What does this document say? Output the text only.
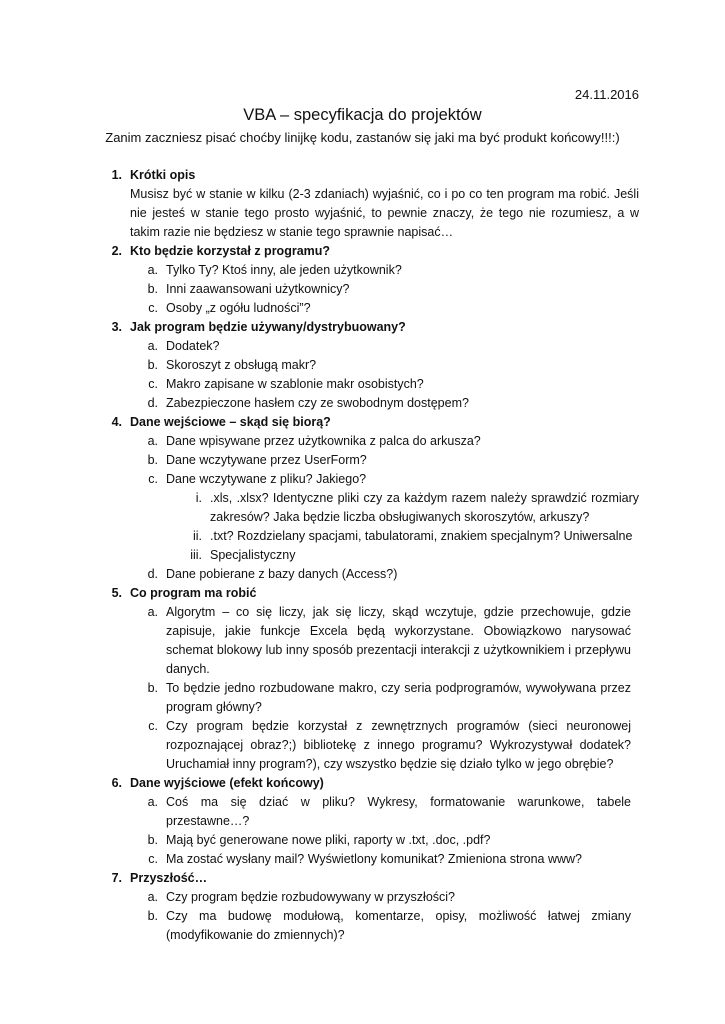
24.11.2016
VBA – specyfikacja do projektów
Zanim zaczniesz pisać choćby linijkę kodu, zastanów się jaki ma być produkt końcowy!!!:)
1. Krótki opis
Musisz być w stanie w kilku (2-3 zdaniach) wyjaśnić, co i po co ten program ma robić. Jeśli nie jesteś w stanie tego prosto wyjaśnić, to pewnie znaczy, że tego nie rozumiesz, a w takim razie nie będziesz w stanie tego sprawnie napisać…
2. Kto będzie korzystał z programu?
a. Tylko Ty? Ktoś inny, ale jeden użytkownik?
b. Inni zaawansowani użytkownicy?
c. Osoby „z ogółu ludności”?
3. Jak program będzie używany/dystrybuowany?
a. Dodatek?
b. Skoroszyt z obsługą makr?
c. Makro zapisane w szablonie makr osobistych?
d. Zabezpieczone hasłem czy ze swobodnym dostępem?
4. Dane wejściowe – skąd się biorą?
a. Dane wpisywane przez użytkownika z palca do arkusza?
b. Dane wczytywane przez UserForm?
c. Dane wczytywane z pliku? Jakiego?
i. .xls, .xlsx? Identyczne pliki czy za każdym razem należy sprawdzić rozmiary zakresów? Jaka będzie liczba obsługiwanych skoroszytów, arkuszy?
ii. .txt? Rozdzielany spacjami, tabulatorami, znakiem specjalnym? Uniwersalne
iii. Specjalistyczny
d. Dane pobierane z bazy danych (Access?)
5. Co program ma robić
a. Algorytm – co się liczy, jak się liczy, skąd wczytuje, gdzie przechowuje, gdzie zapisuje, jakie funkcje Excela będą wykorzystane. Obowiązkowo narysować schemat blokowy lub inny sposób prezentacji interakcji z użytkownikiem i przepływu danych.
b. To będzie jedno rozbudowane makro, czy seria podprogramów, wywoływana przez program główny?
c. Czy program będzie korzystał z zewnętrznych programów (sieci neuronowej rozpoznającej obraz?;) bibliotekę z innego programu? Wykrozystywał dodatek? Uruchamiał inny program?), czy wszystko będzie się działo tylko w jego obrębie?
6. Dane wyjściowe (efekt końcowy)
a. Coś ma się dziać w pliku? Wykresy, formatowanie warunkowe, tabele przestawne…?
b. Mają być generowane nowe pliki, raporty w .txt, .doc, .pdf?
c. Ma zostać wysłany mail? Wyświetlony komunikat? Zmieniona strona www?
7. Przyszłość…
a. Czy program będzie rozbudowywany w przyszłości?
b. Czy ma budowę modułową, komentarze, opisy, możliwość łatwej zmiany (modyfikowanie do zmiennych)?
